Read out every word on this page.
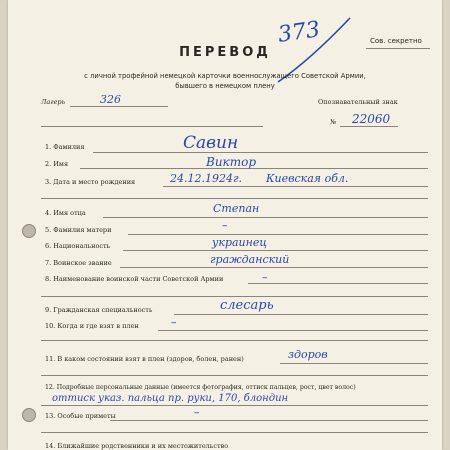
Сов. секретно
373
ПЕРЕВОД
с личной трофейной немецкой карточки военнослужащего Советской Армии,
бывшего в немецком плену
Лагерь	326	Опознавательный знак
№ 22060
1. Фамилия	Савин
2. Имя	Виктор
3. Дата и место рождения	24.12.1924г. Киевская обл.
4. Имя отца	Степан
5. Фамилия матери	–
6. Национальность	украинец
7. Воинское звание	гражданский
8. Наименование воинской части Советской Армии	–
9. Гражданская специальность	слесарь
10. Когда и где взят в плен	–
11. В каком состоянии взят в плен (здоров, болен, ранен)	здоров
12. Подробные персональные данные (имеется фотография, оттиск пальцев, рост, цвет волос)
оттиск указ. пальца пр. руки, 170, блондин
13. Особые приметы	–
14. Ближайшие родственники и их местожительство
